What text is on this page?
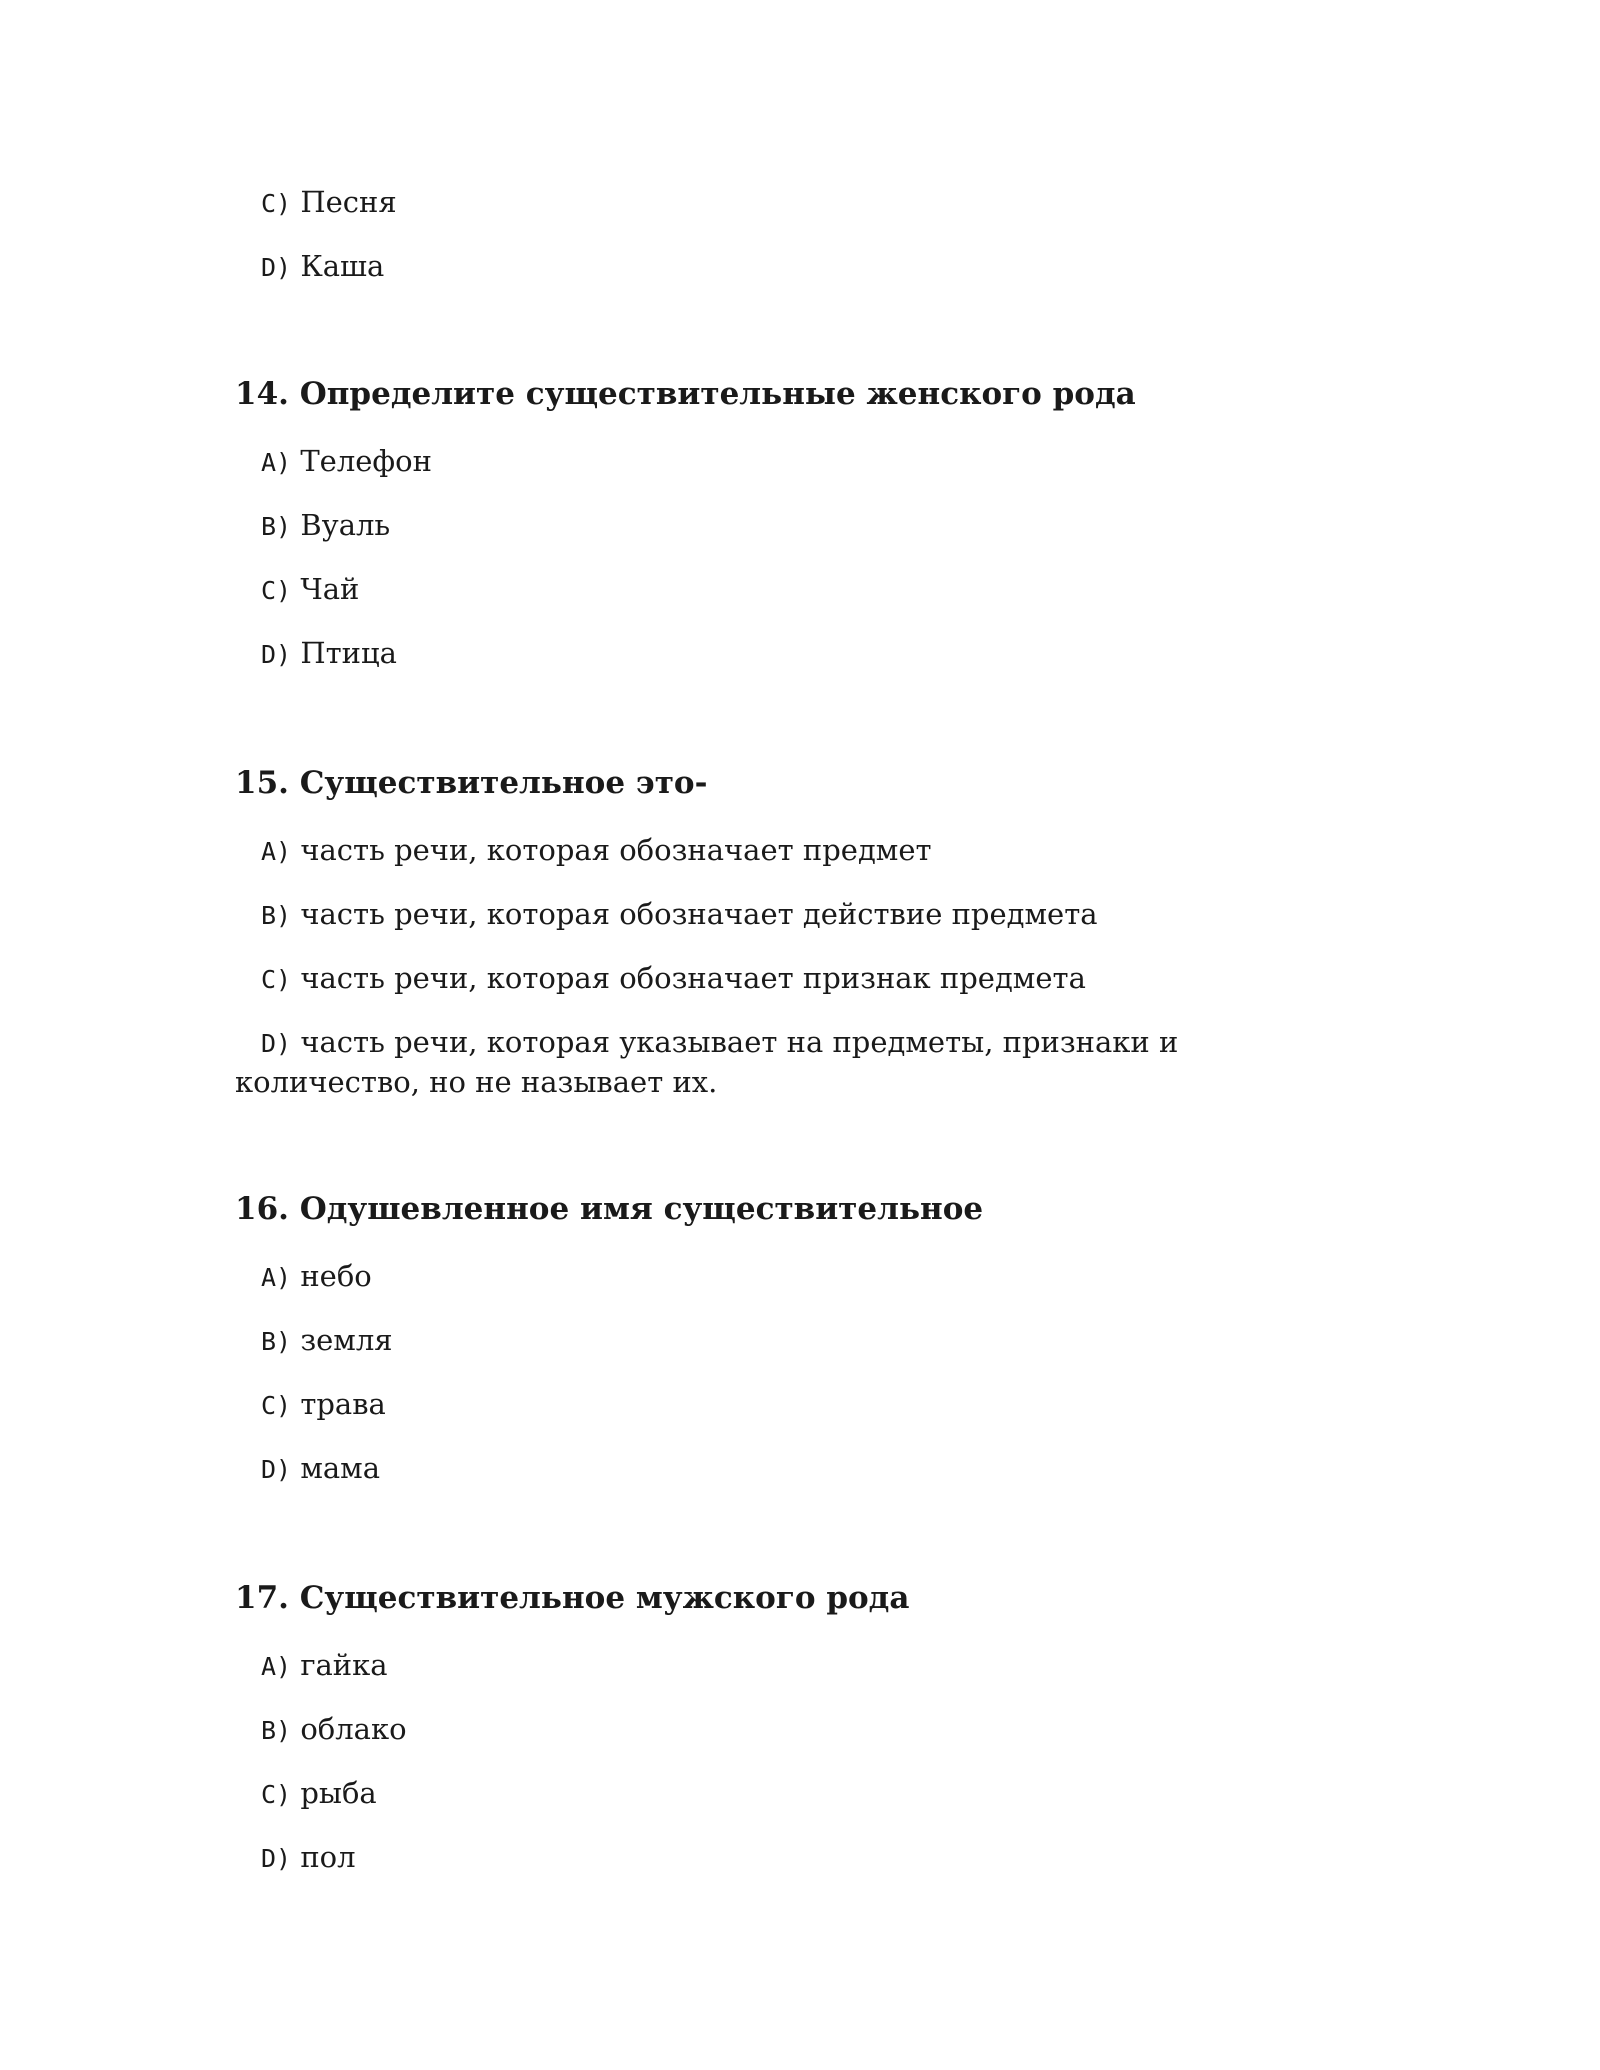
C) Песня

D) Каша

14. Определите существительные женского рода

A) Телефон

B) Вуаль

C) Чай

D) Птица

15. Существительное это-

A) часть речи, которая обозначает предмет

B) часть речи, которая обозначает действие предмета

C) часть речи, которая обозначает признак предмета

D) часть речи, которая указывает на предметы, признаки и количество, но не называет их.

16. Одушевленное имя существительное

A) небо

B) земля

C) трава

D) мама

17. Существительное мужского рода

A) гайка

B) облако

C) рыба

D) пол
